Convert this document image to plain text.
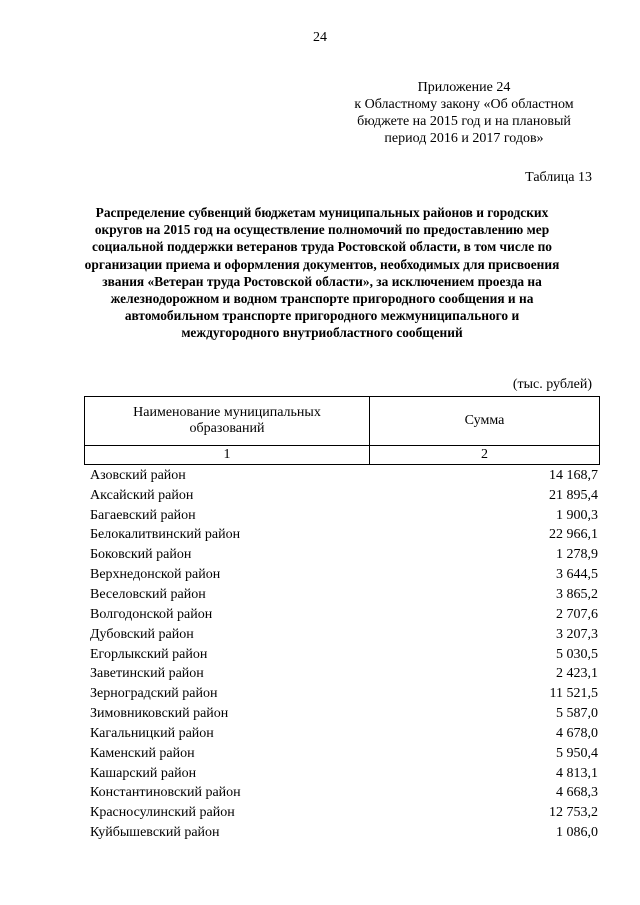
24
Приложение 24
к Областному закону «Об областном
бюджете на 2015 год и на плановый
период 2016 и 2017 годов»
Таблица 13
Распределение субвенций бюджетам муниципальных районов и городских округов на 2015 год на осуществление полномочий по предоставлению мер социальной поддержки ветеранов труда Ростовской области, в том числе по организации приема и оформления документов, необходимых для присвоения звания «Ветеран труда Ростовской области», за исключением проезда на железнодорожном и водном транспорте пригородного сообщения и на автомобильном транспорте пригородного межмуниципального и междугородного внутриобластного сообщений
(тыс. рублей)
Наименование муниципальных
образований	Сумма
1	2
Азовский район	14 168,7
Аксайский район	21 895,4
Багаевский район	1 900,3
Белокалитвинский район	22 966,1
Боковский район	1 278,9
Верхнедонской район	3 644,5
Веселовский район	3 865,2
Волгодонской район	2 707,6
Дубовский район	3 207,3
Егорлыкский район	5 030,5
Заветинский район	2 423,1
Зерноградский район	11 521,5
Зимовниковский район	5 587,0
Кагальницкий район	4 678,0
Каменский район	5 950,4
Кашарский район	4 813,1
Константиновский район	4 668,3
Красносулинский район	12 753,2
Куйбышевский район	1 086,0
